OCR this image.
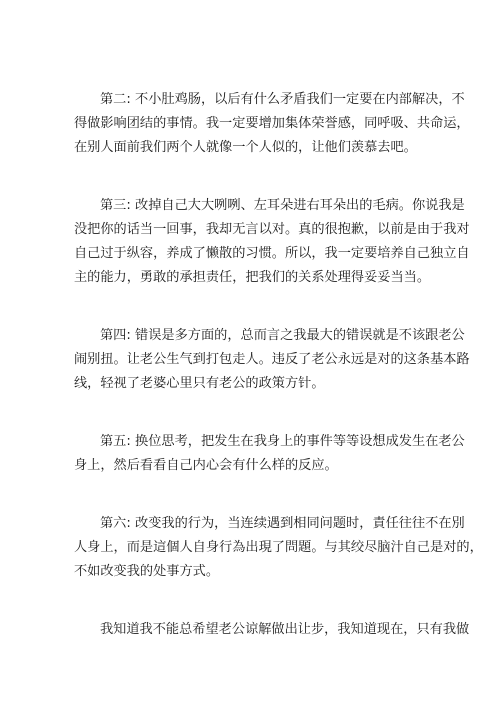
第二: 不小肚鸡肠，以后有什么矛盾我们一定要在内部解决，不
得做影响团结的事情。我一定要增加集体荣誉感，同呼吸、共命运，
在别人面前我们两个人就像一个人似的，让他们羡慕去吧。

第三: 改掉自己大大咧咧、左耳朵进右耳朵出的毛病。你说我是
没把你的话当一回事，我却无言以对。真的很抱歉，以前是由于我对
自己过于纵容，养成了懒散的习惯。所以，我一定要培养自己独立自
主的能力，勇敢的承担责任，把我们的关系处理得妥妥当当。

第四: 错误是多方面的，总而言之我最大的错误就是不该跟老公
闹别扭。让老公生气到打包走人。违反了老公永远是对的这条基本路
线，轻视了老婆心里只有老公的政策方针。

第五: 换位思考，把发生在我身上的事件等等设想成发生在老公
身上，然后看看自己内心会有什么样的反应。

第六: 改变我的行为，当连续遇到相同问题时，責任往往不在別
人身上，而是這個人自身行為出現了問題。与其绞尽脑汁自己是对的，
不如改变我的处事方式。

我知道我不能总希望老公谅解做出让步，我知道现在，只有我做
